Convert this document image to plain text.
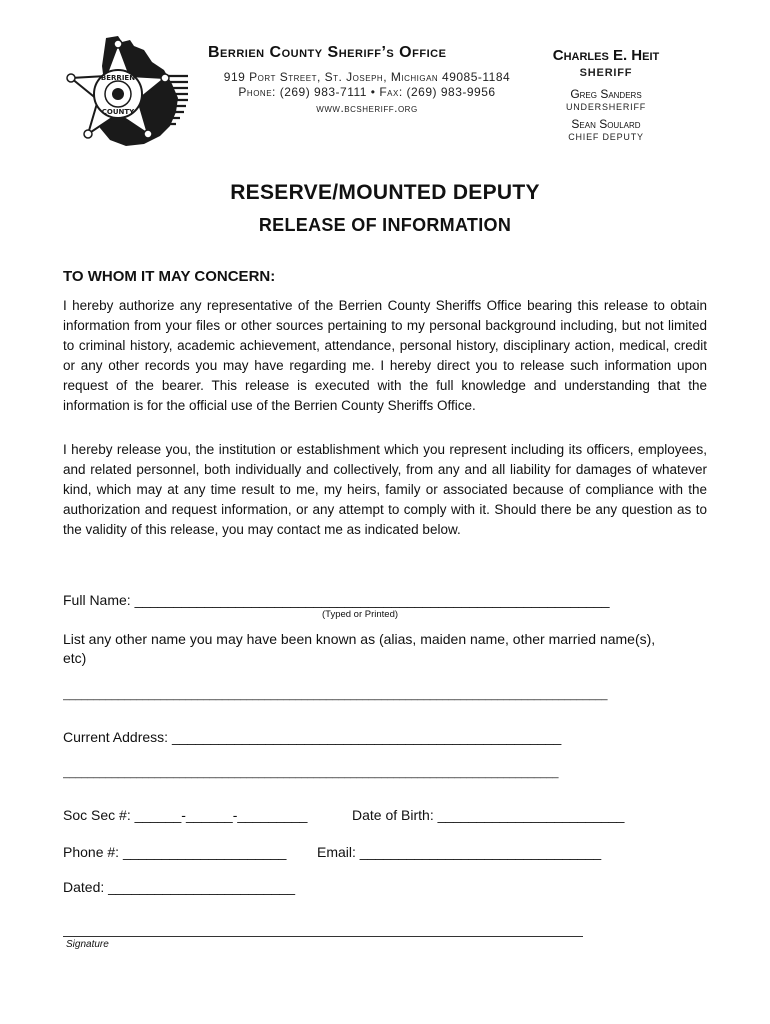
BERRIEN
COUNTY
Berrien County Sheriff’s Office
919 Port Street, St. Joseph, Michigan 49085-1184
Phone: (269) 983-7111 • Fax: (269) 983-9956
www.bcsheriff.org
Charles E. Heit
SHERIFF
Greg Sanders
UNDERSHERIFF
Sean Soulard
CHIEF DEPUTY
RESERVE/MOUNTED DEPUTY
RELEASE OF INFORMATION
TO WHOM IT MAY CONCERN:
I hereby authorize any representative of the Berrien County Sheriffs Office bearing this release to obtain information from your files or other sources pertaining to my personal background including, but not limited to criminal history, academic achievement, attendance, personal history, disciplinary action, medical, credit or any other records you may have regarding me. I hereby direct you to release such information upon request of the bearer. This release is executed with the full knowledge and understanding that the information is for the official use of the Berrien County Sheriffs Office.
I hereby release you, the institution or establishment which you represent including its officers, employees, and related personnel, both individually and collectively, from any and all liability for damages of whatever kind, which may at any time result to me, my heirs, family or associated because of compliance with the authorization and request information, or any attempt to comply with it. Should there be any question as to the validity of this release, you may contact me as indicated below.
Full Name: _____________________________________________________________
(Typed or Printed)
List any other name you may have been known as (alias, maiden name, other married name(s), etc)
_________________________________________________________________________________________
Current Address: __________________________________________________
_________________________________________________________________________________
Soc Sec #: ______-______-_________	Date of Birth: ________________________
Phone #: _____________________ Email: _______________________________
Dated: ________________________
Signature
